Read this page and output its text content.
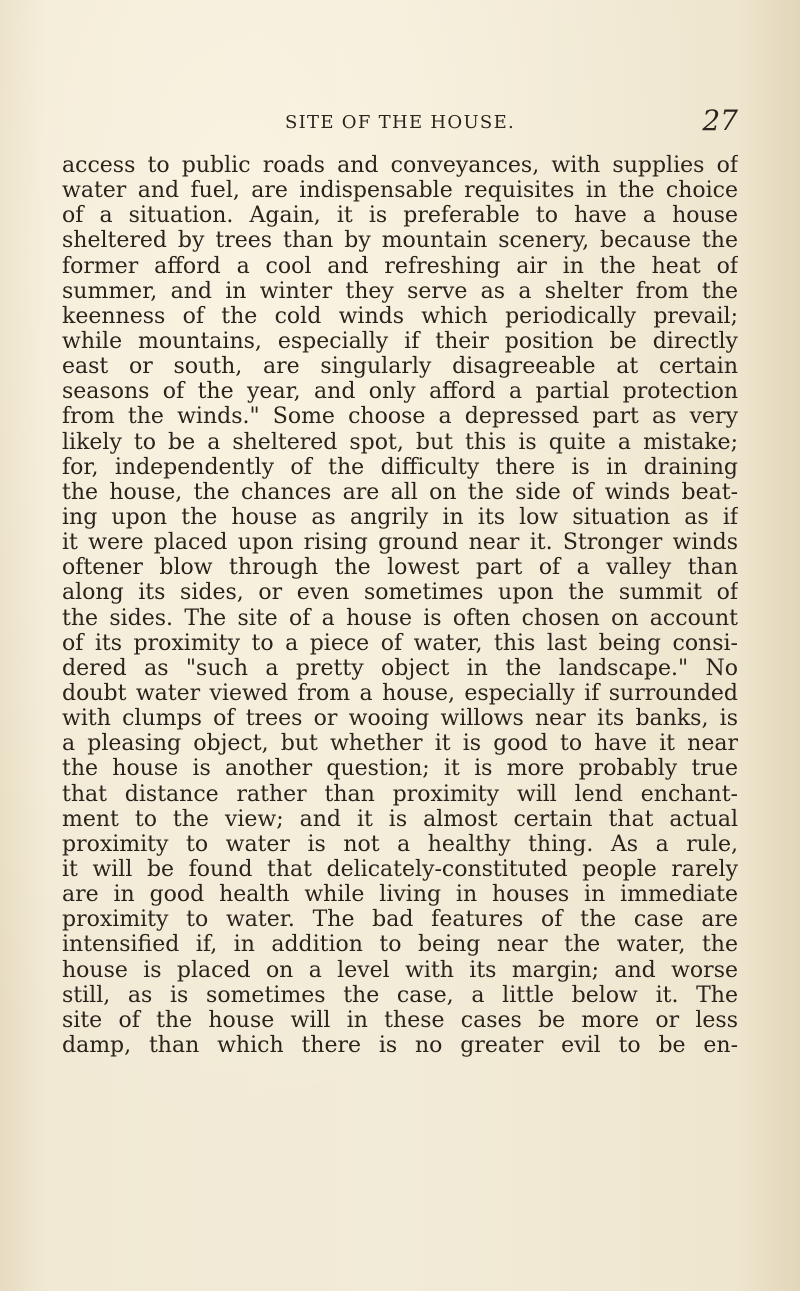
SITE OF THE HOUSE.	27
access to public roads and conveyances, with supplies of
water and fuel, are indispensable requisites in the choice
of a situation. Again, it is preferable to have a house
sheltered by trees than by mountain scenery, because the
former afford a cool and refreshing air in the heat of
summer, and in winter they serve as a shelter from the
keenness of the cold winds which periodically prevail;
while mountains, especially if their position be directly
east or south, are singularly disagreeable at certain
seasons of the year, and only afford a partial protection
from the winds." Some choose a depressed part as very
likely to be a sheltered spot, but this is quite a mistake;
for, independently of the difficulty there is in draining
the house, the chances are all on the side of winds beat-
ing upon the house as angrily in its low situation as if
it were placed upon rising ground near it. Stronger winds
oftener blow through the lowest part of a valley than
along its sides, or even sometimes upon the summit of
the sides. The site of a house is often chosen on account
of its proximity to a piece of water, this last being consi-
dered as "such a pretty object in the landscape." No
doubt water viewed from a house, especially if surrounded
with clumps of trees or wooing willows near its banks, is
a pleasing object, but whether it is good to have it near
the house is another question; it is more probably true
that distance rather than proximity will lend enchant-
ment to the view; and it is almost certain that actual
proximity to water is not a healthy thing. As a rule,
it will be found that delicately-constituted people rarely
are in good health while living in houses in immediate
proximity to water. The bad features of the case are
intensified if, in addition to being near the water, the
house is placed on a level with its margin; and worse
still, as is sometimes the case, a little below it. The
site of the house will in these cases be more or less
damp, than which there is no greater evil to be en-
